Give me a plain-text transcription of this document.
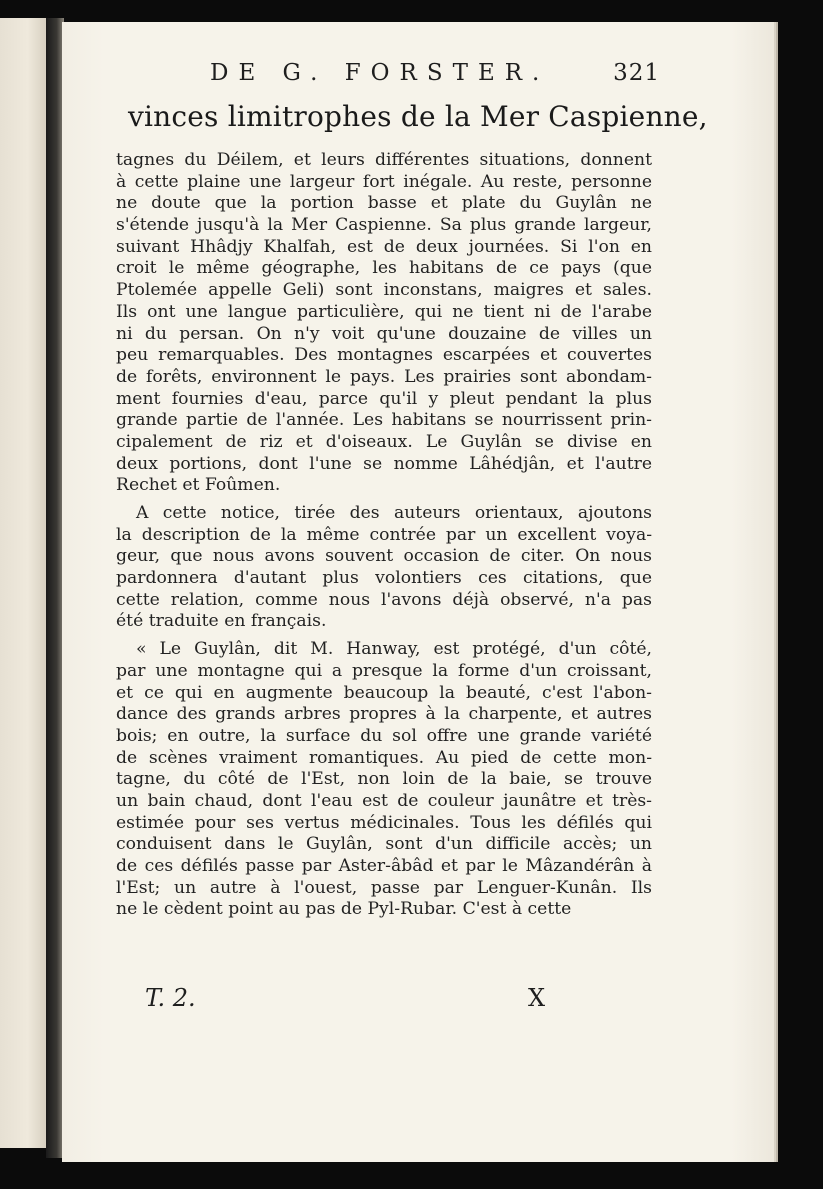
DE G. FORSTER.	321
vinces limitrophes de la Mer Caspienne,
tagnes du Déilem, et leurs différentes situations, donnent
à cette plaine une largeur fort inégale. Au reste, personne
ne doute que la portion basse et plate du Guylân ne
s'étende jusqu'à la Mer Caspienne. Sa plus grande largeur,
suivant Hhâdjy Khalfah, est de deux journées. Si l'on en
croit le même géographe, les habitans de ce pays (que
Ptolemée appelle Geli) sont inconstans, maigres et sales.
Ils ont une langue particulière, qui ne tient ni de l'arabe
ni du persan. On n'y voit qu'une douzaine de villes un
peu remarquables. Des montagnes escarpées et couvertes
de forêts, environnent le pays. Les prairies sont abondam-
ment fournies d'eau, parce qu'il y pleut pendant la plus
grande partie de l'année. Les habitans se nourrissent prin-
cipalement de riz et d'oiseaux. Le Guylân se divise en
deux portions, dont l'une se nomme Lâhédjân, et l'autre
Rechet et Foûmen.
A cette notice, tirée des auteurs orientaux, ajoutons
la description de la même contrée par un excellent voya-
geur, que nous avons souvent occasion de citer. On nous
pardonnera d'autant plus volontiers ces citations, que
cette relation, comme nous l'avons déjà observé, n'a pas
été traduite en français.
« Le Guylân, dit M. Hanway, est protégé, d'un côté,
par une montagne qui a presque la forme d'un croissant,
et ce qui en augmente beaucoup la beauté, c'est l'abon-
dance des grands arbres propres à la charpente, et autres
bois; en outre, la surface du sol offre une grande variété
de scènes vraiment romantiques. Au pied de cette mon-
tagne, du côté de l'Est, non loin de la baie, se trouve
un bain chaud, dont l'eau est de couleur jaunâtre et très-
estimée pour ses vertus médicinales. Tous les défilés qui
conduisent dans le Guylân, sont d'un difficile accès; un
de ces défilés passe par Aster-âbâd et par le Mâzandérân à
l'Est; un autre à l'ouest, passe par Lenguer-Kunân. Ils
ne le cèdent point au pas de Pyl-Rubar. C'est à cette
T. 2.	X
